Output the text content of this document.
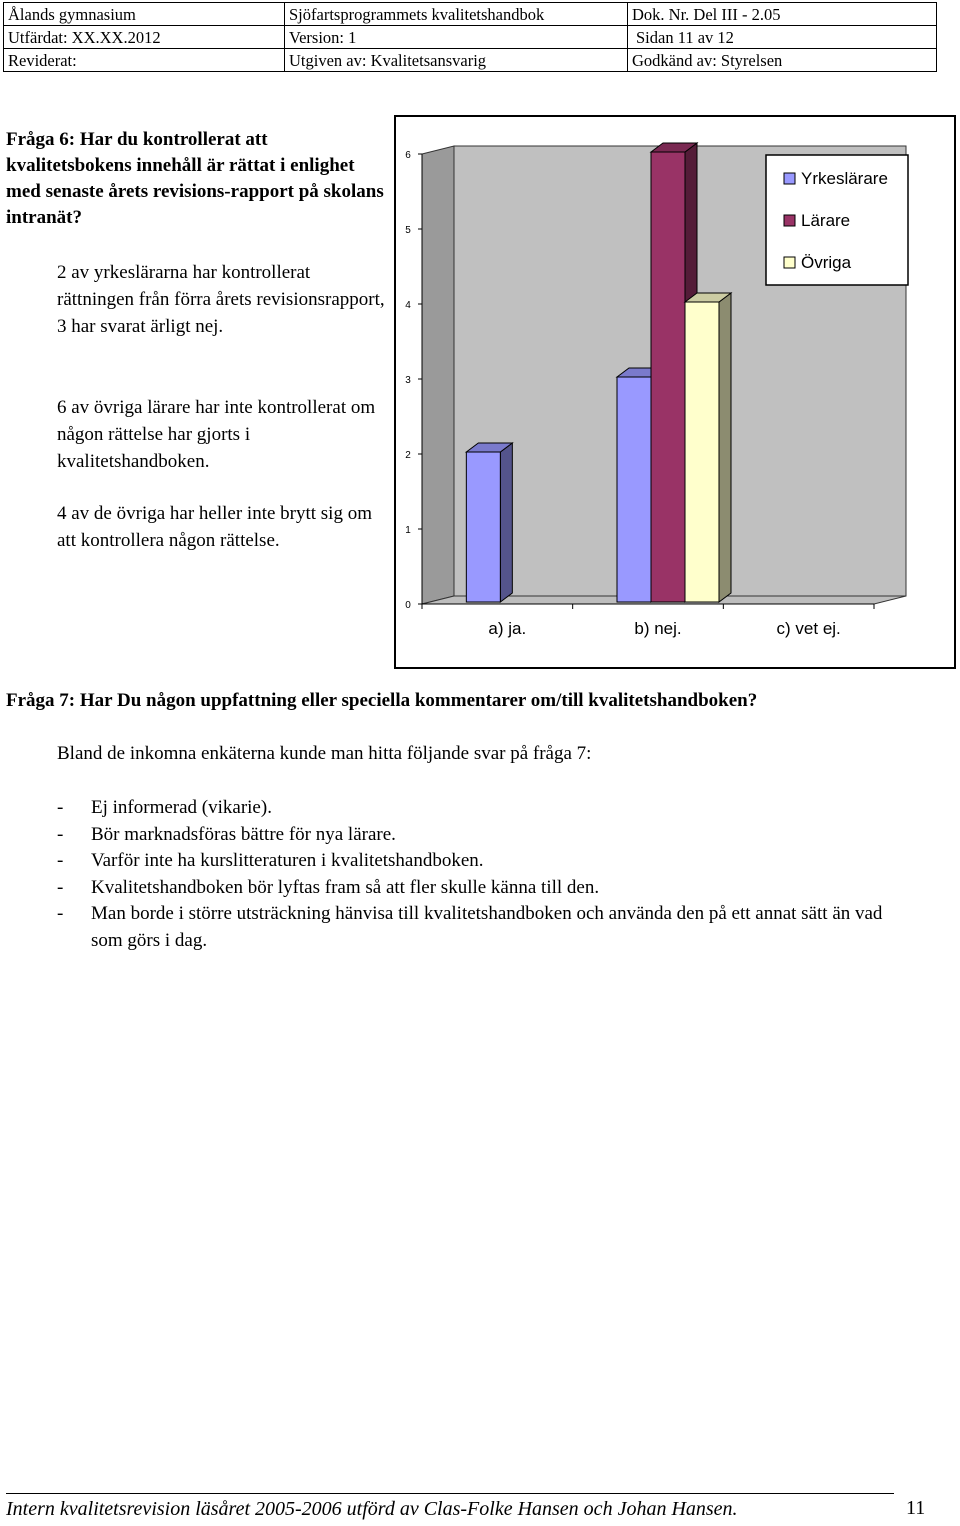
Ålands gymnasium	Sjöfartsprogrammets kvalitetshandbok	Dok. Nr. Del III - 2.05
Utfärdat: XX.XX.2012	Version: 1	Sidan 11 av 12
Reviderat:	Utgiven av: Kvalitetsansvarig	Godkänd av: Styrelsen
Fråga 6: Har du kontrollerat att kvalitetsbokens innehåll är rättat i enlighet med senaste årets revisions-rapport på skolans intranät?
2 av yrkeslärarna har kontrollerat rättningen från förra årets revisionsrapport, 3 har svarat ärligt nej.
6 av övriga lärare har inte kontrollerat om någon rättelse har gjorts i kvalitetshandboken.
4 av de övriga har heller inte brytt sig om att kontrollera någon rättelse.
0
1
2
3
4
5
6
a) ja.	b) nej.	c) vet ej.
Yrkeslärare
Lärare
Övriga
Fråga 7: Har Du någon uppfattning eller speciella kommentarer om/till kvalitetshandboken?
Bland de inkomna enkäterna kunde man hitta följande svar på fråga 7:
- Ej informerad (vikarie).
- Bör marknadsföras bättre för nya lärare.
- Varför inte ha kurslitteraturen i kvalitetshandboken.
- Kvalitetshandboken bör lyftas fram så att fler skulle känna till den.
- Man borde i större utsträckning hänvisa till kvalitetshandboken och använda den på ett annat sätt än vad som görs i dag.
Intern kvalitetsrevision läsåret 2005-2006 utförd av Clas-Folke Hansen och Johan Hansen.	11
